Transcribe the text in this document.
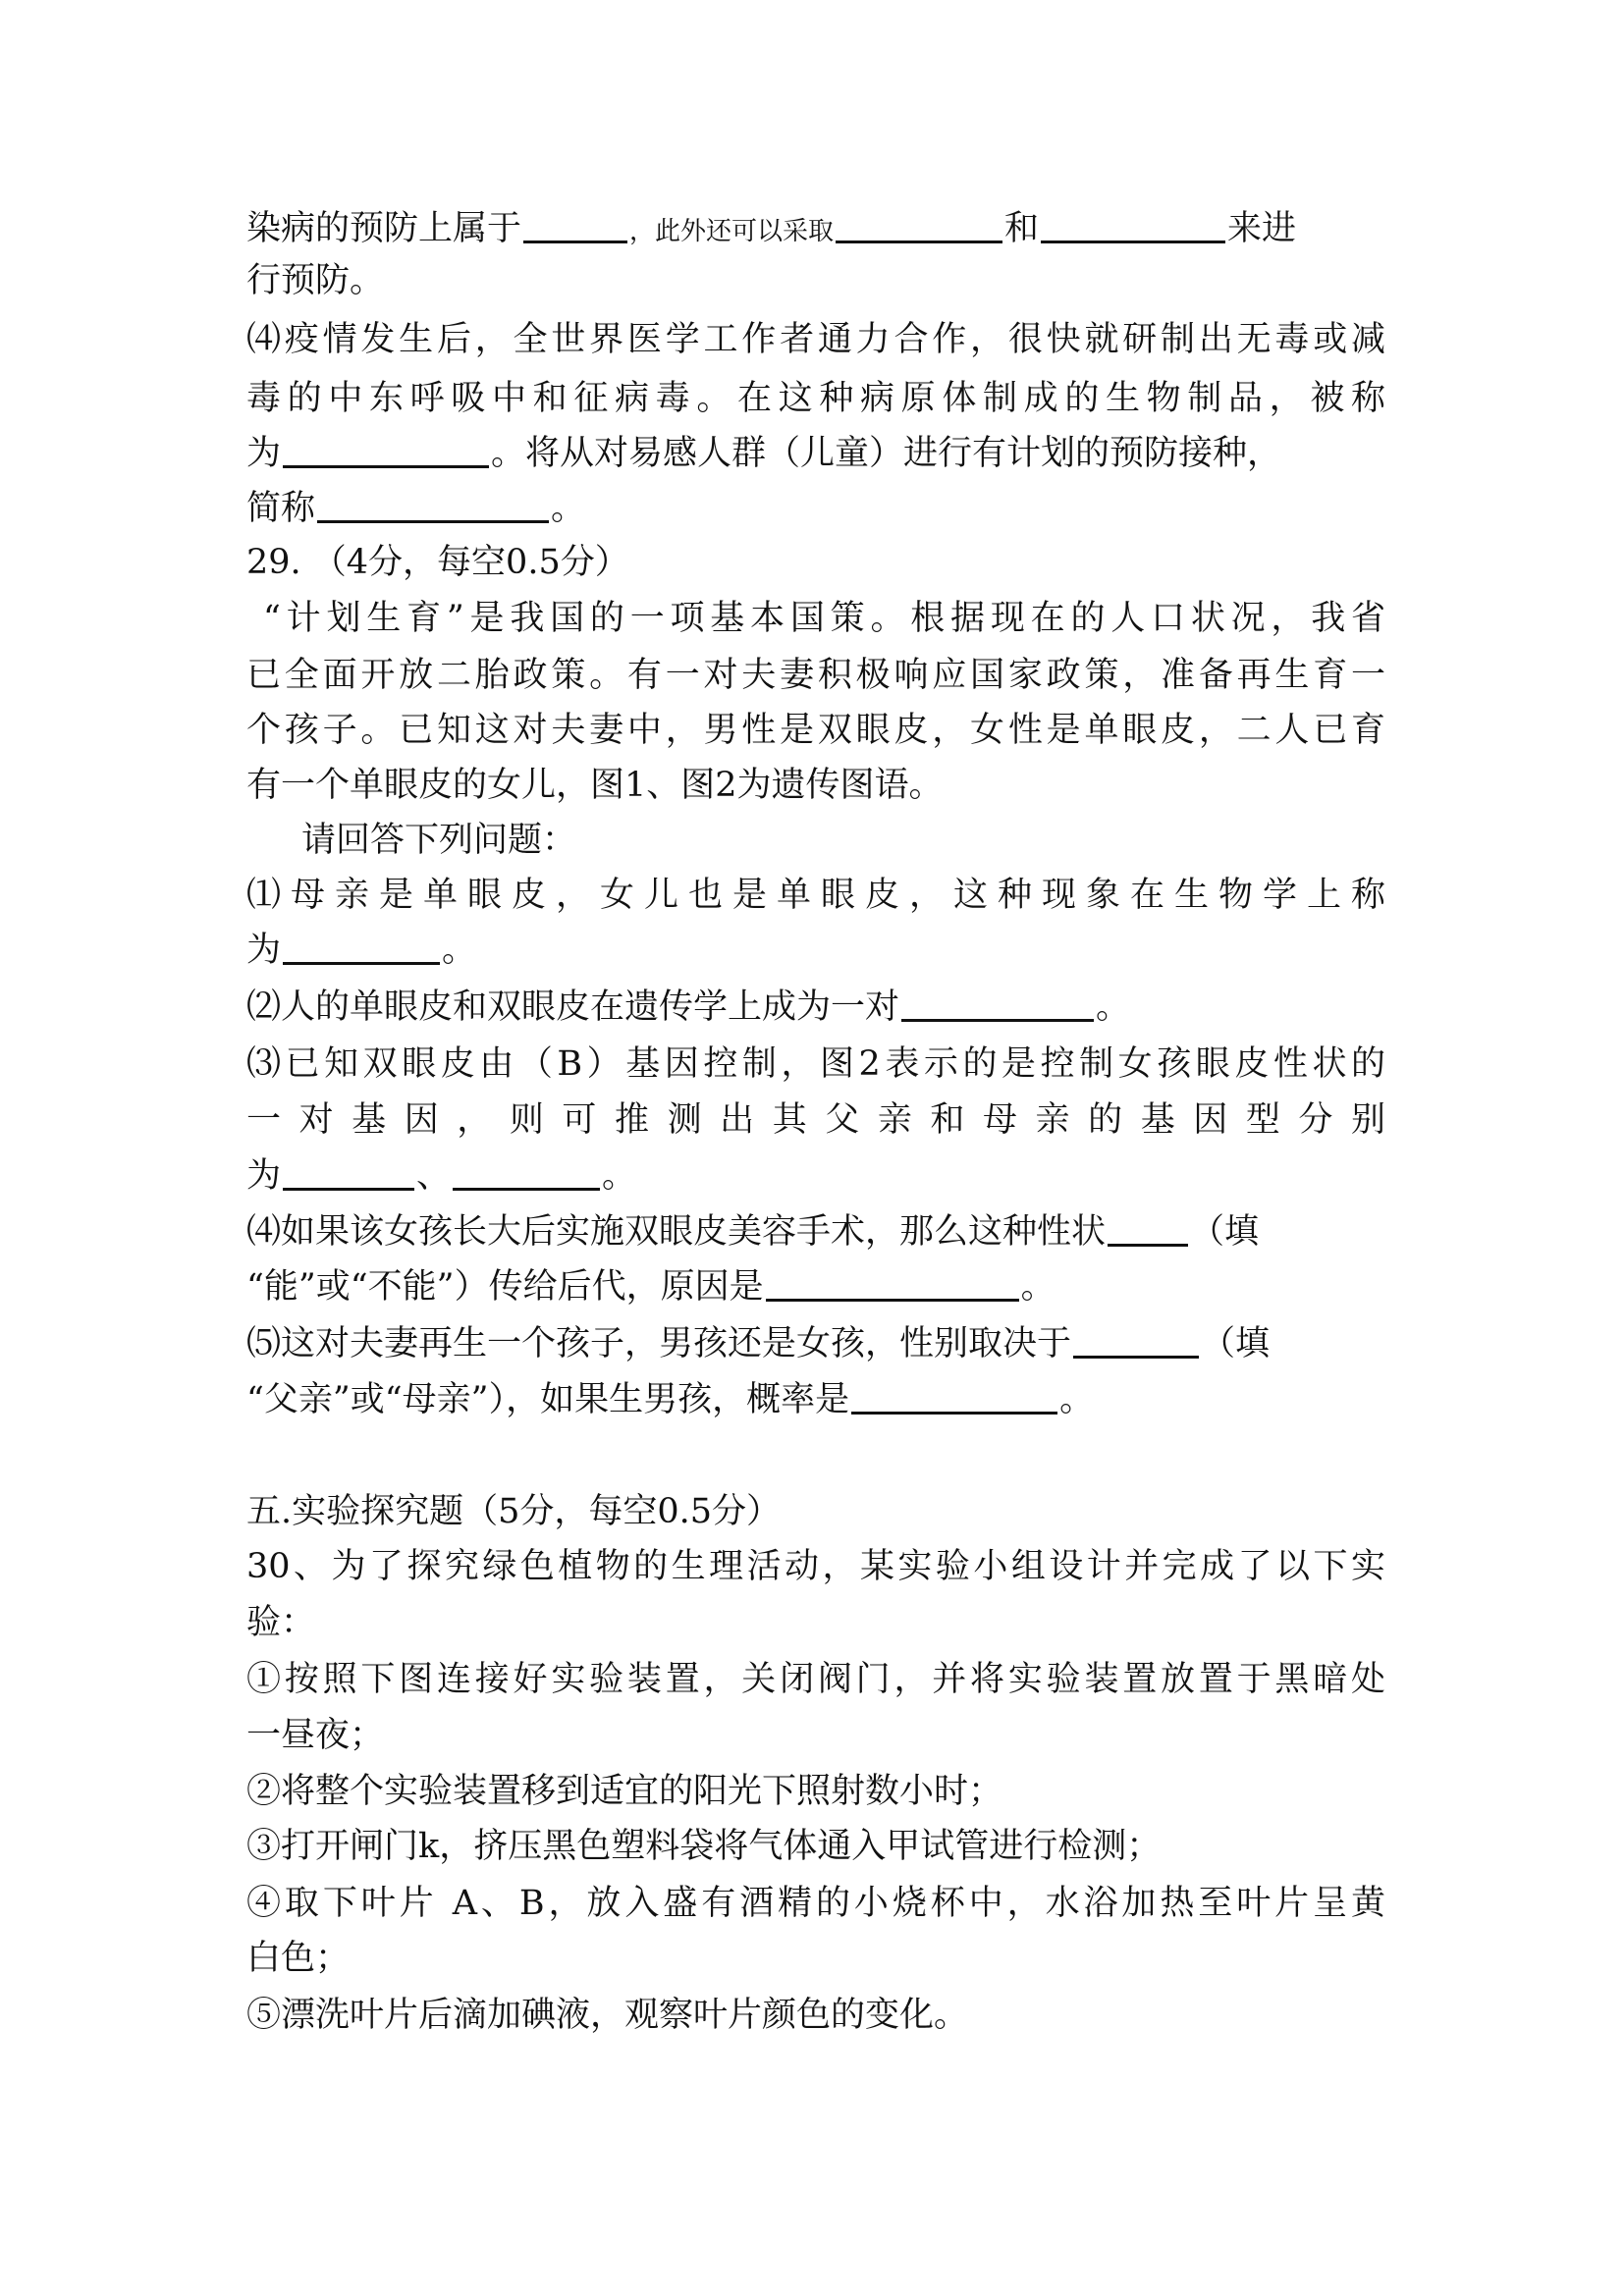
染病的预防上属于	，此外还可以采取	和	来进
行预防。
⑷疫情发生后，全世界医学工作者通力合作，很快就研制出无毒或减
毒的中东呼吸中和征病毒。在这种病原体制成的生物制品，被称
为	。将从对易感人群（儿童）进行有计划的预防接种，
简称	。
29. （4分，每空0.5分）
“计划生育”是我国的一项基本国策。根据现在的人口状况，我省
已全面开放二胎政策。有一对夫妻积极响应国家政策，准备再生育一
个孩子。已知这对夫妻中，男性是双眼皮，女性是单眼皮，二人已育
有一个单眼皮的女儿，图1、图2为遗传图语。
请回答下列问题：
⑴母亲是单眼皮，女儿也是单眼皮，这种现象在生物学上称
为	。
⑵人的单眼皮和双眼皮在遗传学上成为一对	。
⑶已知双眼皮由（B）基因控制，图2表示的是控制女孩眼皮性状的
一对基因，则可推测出其父亲和母亲的基因型分别
为	、	。
⑷如果该女孩长大后实施双眼皮美容手术，那么这种性状 （填
“能”或“不能”）传给后代，原因是	。
⑸这对夫妻再生一个孩子，男孩还是女孩，性别取决于	（填
“父亲”或“母亲”），如果生男孩，概率是	。
五.实验探究题（5分，每空0.5分）
30、为了探究绿色植物的生理活动，某实验小组设计并完成了以下实
验：
①按照下图连接好实验装置，关闭阀门，并将实验装置放置于黑暗处
一昼夜；
②将整个实验装置移到适宜的阳光下照射数小时；
③打开闸门k，挤压黑色塑料袋将气体通入甲试管进行检测；
④取下叶片 A、B，放入盛有酒精的小烧杯中，水浴加热至叶片呈黄
白色；
⑤漂洗叶片后滴加碘液，观察叶片颜色的变化。
